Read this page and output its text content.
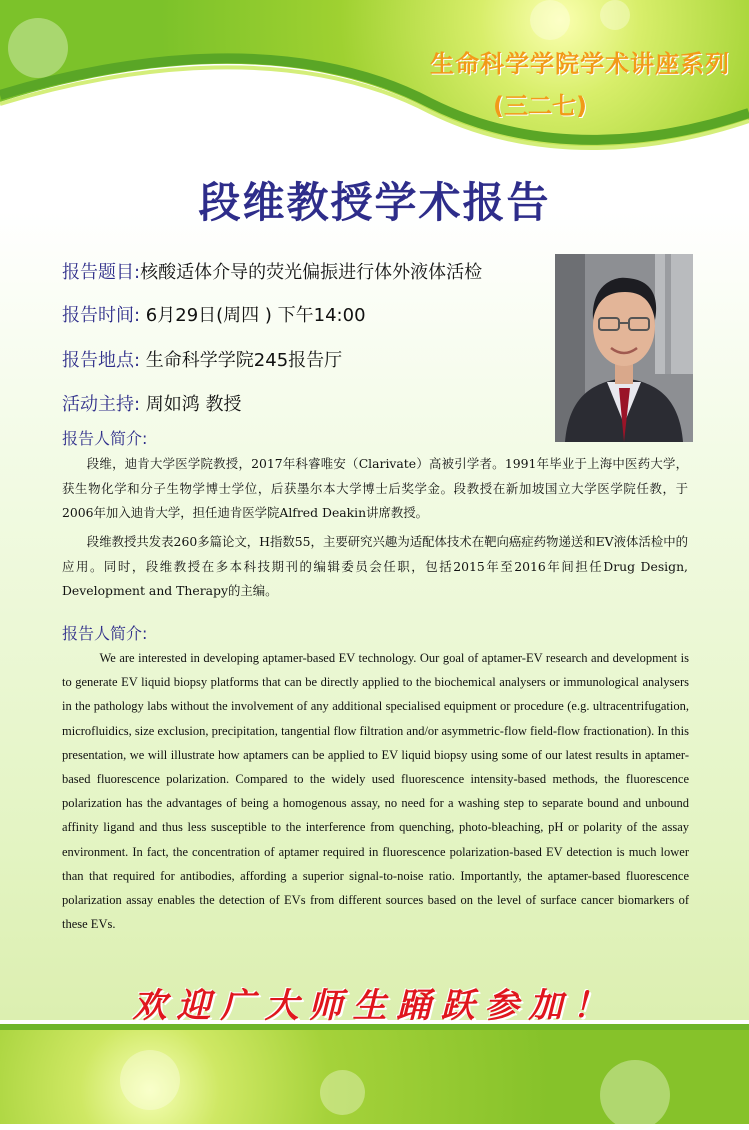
生命科学学院学术讲座系列
(三二七)
段维教授学术报告
报告题目:核酸适体介导的荧光偏振进行体外液体活检
报告时间: 6月29日(周四 ) 下午14:00
报告地点: 生命科学学院245报告厅
活动主持: 周如鸿 教授
报告人简介:

段维，迪肯大学医学院教授，2017年科睿唯安（Clarivate）高被引学者。1991年毕业于上海中医药大学，获生物化学和分子生物学博士学位，后获墨尔本大学博士后奖学金。段教授在新加坡国立大学医学院任教，于2006年加入迪肯大学，担任迪肯医学院Alfred Deakin讲席教授。

段维教授共发表260多篇论文，H指数55，主要研究兴趣为适配体技术在靶向癌症药物递送和EV液体活检中的应用。同时，段维教授在多本科技期刊的编辑委员会任职，包括2015年至2016年间担任Drug Design, Development and Therapy的主编。

报告人简介:

We are interested in developing aptamer-based EV technology. Our goal of aptamer-EV research and development is to generate EV liquid biopsy platforms that can be directly applied to the biochemical analysers or immunological analysers in the pathology labs without the involvement of any additional specialised equipment or procedure (e.g. ultracentrifugation, microfluidics, size exclusion, precipitation, tangential flow filtration and/or asymmetric-flow field-flow fractionation). In this presentation, we will illustrate how aptamers can be applied to EV liquid biopsy using some of our latest results in aptamer-based fluorescence polarization. Compared to the widely used fluorescence intensity-based methods, the fluorescence polarization has the advantages of being a homogenous assay, no need for a washing step to separate bound and unbound affinity ligand and thus less susceptible to the interference from quenching, photo-bleaching, pH or polarity of the assay environment. In fact, the concentration of aptamer required in fluorescence polarization-based EV detection is much lower than that required for antibodies, affording a superior signal-to-noise ratio. Importantly, the aptamer-based fluorescence polarization assay enables the detection of EVs from different sources based on the level of surface cancer biomarkers of these EVs.

欢迎广大师生踊跃参加！
